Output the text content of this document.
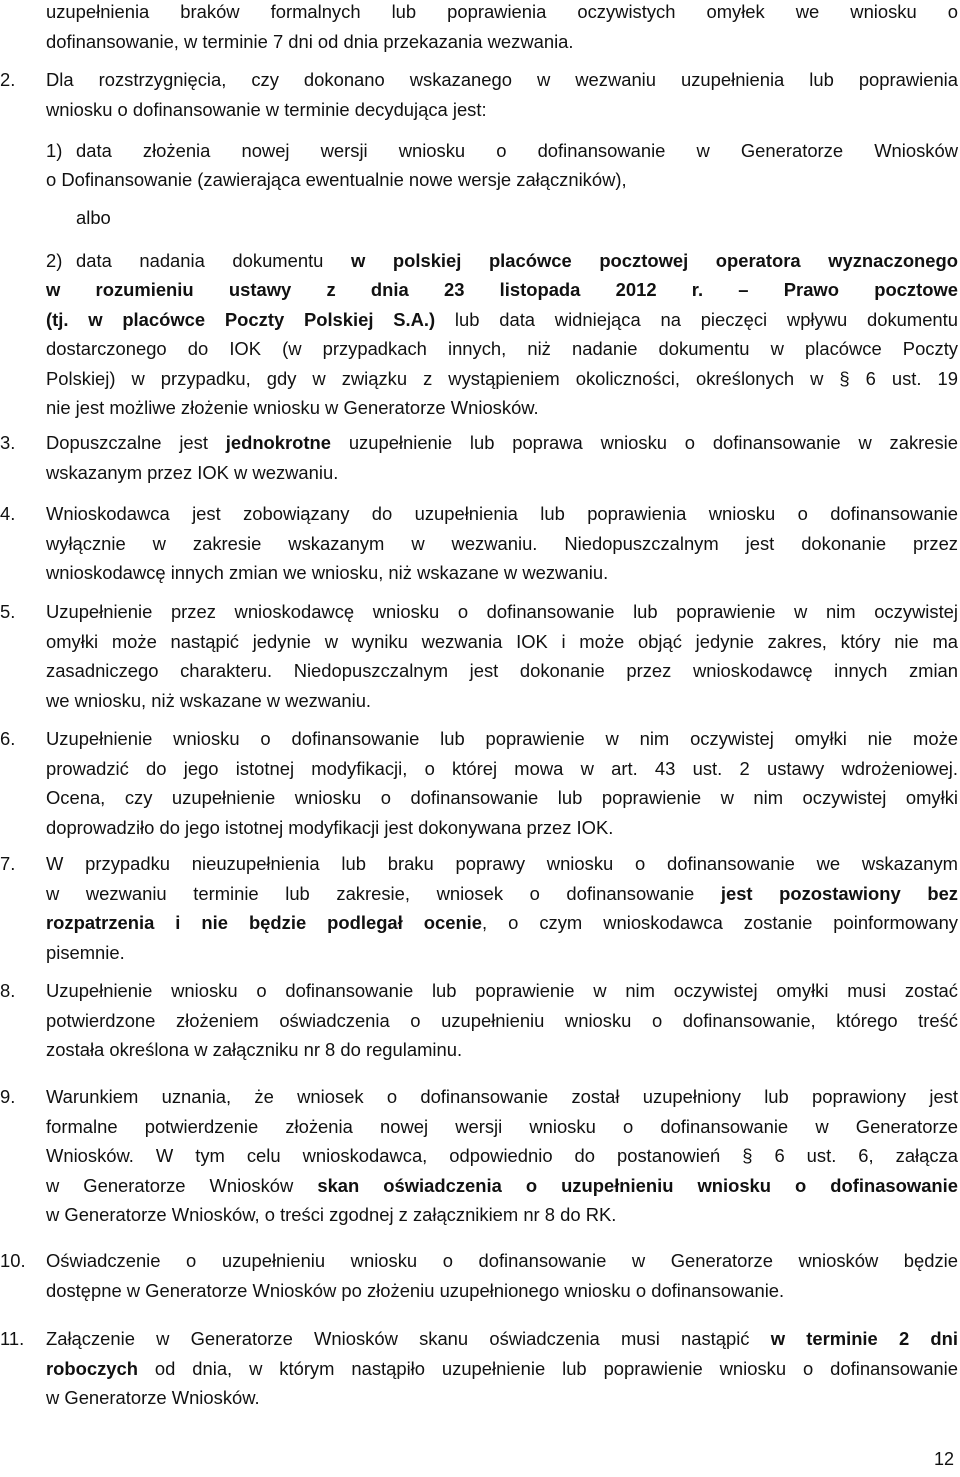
uzupełnienia braków formalnych lub poprawienia oczywistych omyłek we wniosku o
dofinansowanie, w terminie 7 dni od dnia przekazania wezwania.
2. Dla rozstrzygnięcia, czy dokonano wskazanego w wezwaniu uzupełnienia lub poprawienia
wniosku o dofinansowanie w terminie decydująca jest:
1) data złożenia nowej wersji wniosku o dofinansowanie w Generatorze Wniosków
o Dofinansowanie (zawierająca ewentualnie nowe wersje załączników),
albo
2) data nadania dokumentu w polskiej placówce pocztowej operatora wyznaczonego
w rozumieniu ustawy z dnia 23 listopada 2012 r. – Prawo pocztowe
(tj. w placówce Poczty Polskiej S.A.) lub data widniejąca na pieczęci wpływu dokumentu
dostarczonego do IOK (w przypadkach innych, niż nadanie dokumentu w placówce Poczty
Polskiej) w przypadku, gdy w związku z wystąpieniem okoliczności, określonych w § 6 ust. 19
nie jest możliwe złożenie wniosku w Generatorze Wniosków.
3. Dopuszczalne jest jednokrotne uzupełnienie lub poprawa wniosku o dofinansowanie w zakresie
wskazanym przez IOK w wezwaniu.
4. Wnioskodawca jest zobowiązany do uzupełnienia lub poprawienia wniosku o dofinansowanie
wyłącznie w zakresie wskazanym w wezwaniu. Niedopuszczalnym jest dokonanie przez
wnioskodawcę innych zmian we wniosku, niż wskazane w wezwaniu.
5. Uzupełnienie przez wnioskodawcę wniosku o dofinansowanie lub poprawienie w nim oczywistej
omyłki może nastąpić jedynie w wyniku wezwania IOK i może objąć jedynie zakres, który nie ma
zasadniczego charakteru. Niedopuszczalnym jest dokonanie przez wnioskodawcę innych zmian
we wniosku, niż wskazane w wezwaniu.
6. Uzupełnienie wniosku o dofinansowanie lub poprawienie w nim oczywistej omyłki nie może
prowadzić do jego istotnej modyfikacji, o której mowa w art. 43 ust. 2 ustawy wdrożeniowej.
Ocena, czy uzupełnienie wniosku o dofinansowanie lub poprawienie w nim oczywistej omyłki
doprowadziło do jego istotnej modyfikacji jest dokonywana przez IOK.
7. W przypadku nieuzupełnienia lub braku poprawy wniosku o dofinansowanie we wskazanym
w wezwaniu terminie lub zakresie, wniosek o dofinansowanie jest pozostawiony bez
rozpatrzenia i nie będzie podlegał ocenie, o czym wnioskodawca zostanie poinformowany
pisemnie.
8. Uzupełnienie wniosku o dofinansowanie lub poprawienie w nim oczywistej omyłki musi zostać
potwierdzone złożeniem oświadczenia o uzupełnieniu wniosku o dofinansowanie, którego treść
została określona w załączniku nr 8 do regulaminu.
9. Warunkiem uznania, że wniosek o dofinansowanie został uzupełniony lub poprawiony jest
formalne potwierdzenie złożenia nowej wersji wniosku o dofinansowanie w Generatorze
Wniosków. W tym celu wnioskodawca, odpowiednio do postanowień § 6 ust. 6, załącza
w Generatorze Wniosków skan oświadczenia o uzupełnieniu wniosku o dofinasowanie
w Generatorze Wniosków, o treści zgodnej z załącznikiem nr 8 do RK.
10. Oświadczenie o uzupełnieniu wniosku o dofinansowanie w Generatorze wniosków będzie
dostępne w Generatorze Wniosków po złożeniu uzupełnionego wniosku o dofinansowanie.
11. Załączenie w Generatorze Wniosków skanu oświadczenia musi nastąpić w terminie 2 dni
roboczych od dnia, w którym nastąpiło uzupełnienie lub poprawienie wniosku o dofinansowanie
w Generatorze Wniosków.
12
